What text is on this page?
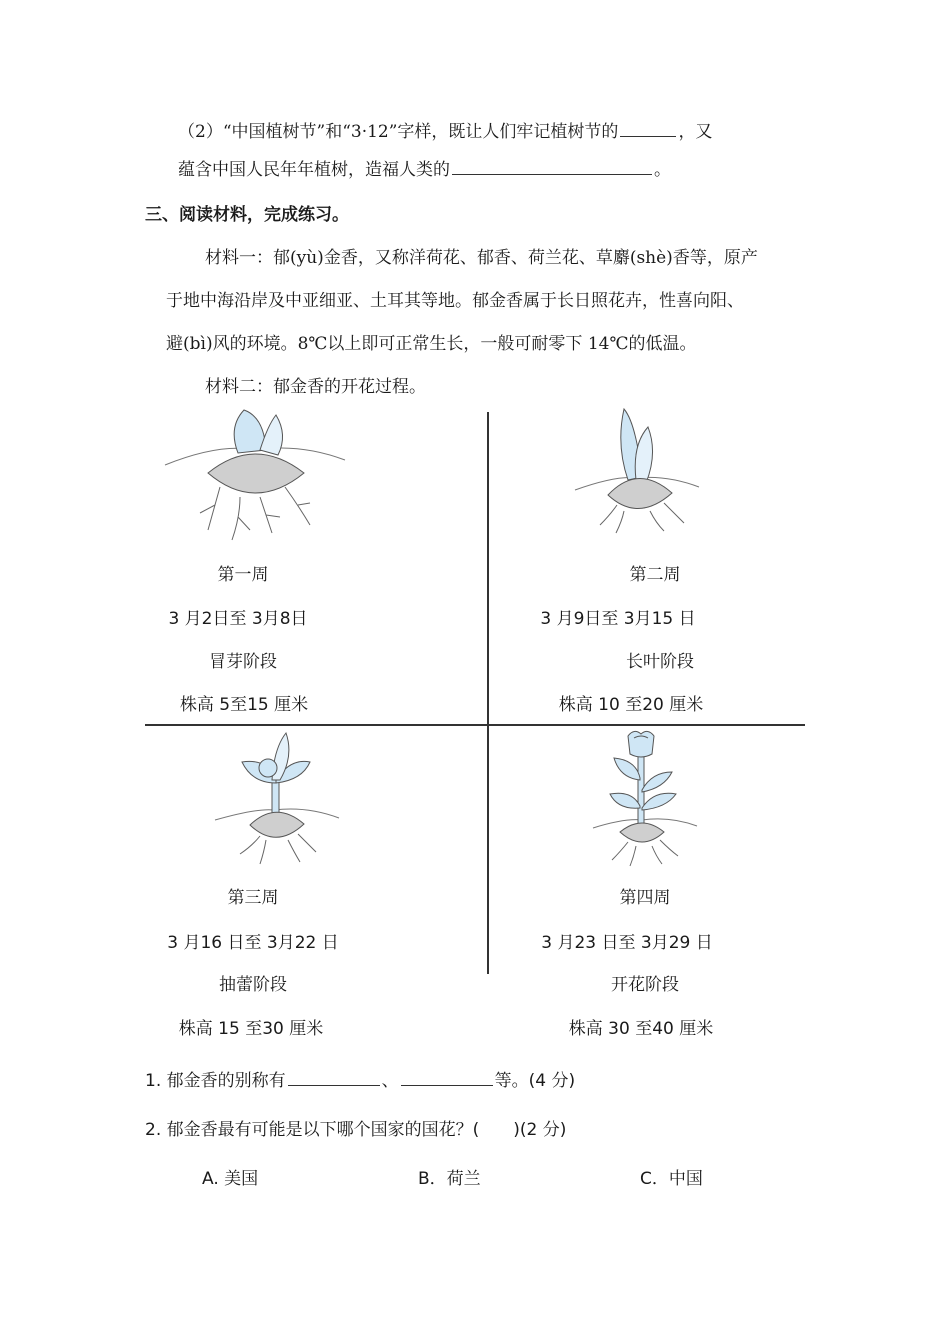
（2）“中国植树节”和“3·12”字样，既让人们牢记植树节的	，又
蕴含中国人民年年植树，造福人类的	。
三、阅读材料，完成练习。
材料一：郁(yù)金香，又称洋荷花、郁香、荷兰花、草麝(shè)香等，原产
于地中海沿岸及中亚细亚、土耳其等地。郁金香属于长日照花卉，性喜向阳、
避(bì)风的环境。8℃以上即可正常生长，一般可耐零下 14℃的低温。
材料二：郁金香的开花过程。
第一周
3 月2日至 3月8日
冒芽阶段
株高 5至15 厘米
第二周
3 月9日至 3月15 日
长叶阶段
株高 10 至20 厘米
第三周
3 月16 日至 3月22 日
抽蕾阶段
株高 15 至30 厘米
第四周
3 月23 日至 3月29 日
开花阶段
株高 30 至40 厘米
1. 郁金香的别称有	、	等。(4 分)
2. 郁金香最有可能是以下哪个国家的国花？( )(2 分)
A. 美国	B．荷兰	C．中国
